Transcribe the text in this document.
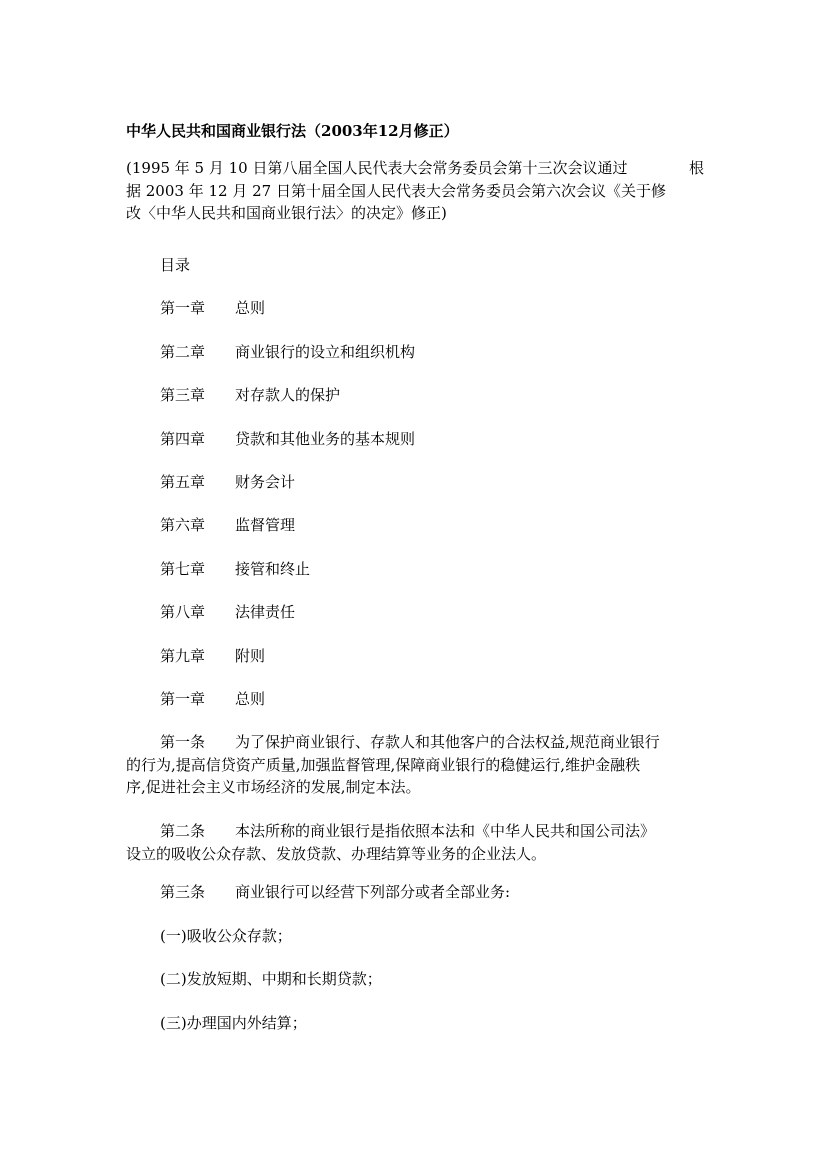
中华人民共和国商业银行法（2003年12月修正）
(1995 年 5 月 10 日第八届全国人民代表大会常务委员会第十三次会议通过	根
据 2003 年 12 月 27 日第十届全国人民代表大会常务委员会第六次会议《关于修
改〈中华人民共和国商业银行法〉的决定》修正)
目录
第一章 总则
第二章 商业银行的设立和组织机构
第三章 对存款人的保护
第四章 贷款和其他业务的基本规则
第五章 财务会计
第六章 监督管理
第七章 接管和终止
第八章 法律责任
第九章 附则
第一章 总则
第一条 为了保护商业银行、存款人和其他客户的合法权益,规范商业银行
的行为,提高信贷资产质量,加强监督管理,保障商业银行的稳健运行,维护金融秩
序,促进社会主义市场经济的发展,制定本法。
第二条 本法所称的商业银行是指依照本法和《中华人民共和国公司法》
设立的吸收公众存款、发放贷款、办理结算等业务的企业法人。
第三条 商业银行可以经营下列部分或者全部业务:
(一)吸收公众存款；
(二)发放短期、中期和长期贷款；
(三)办理国内外结算；
